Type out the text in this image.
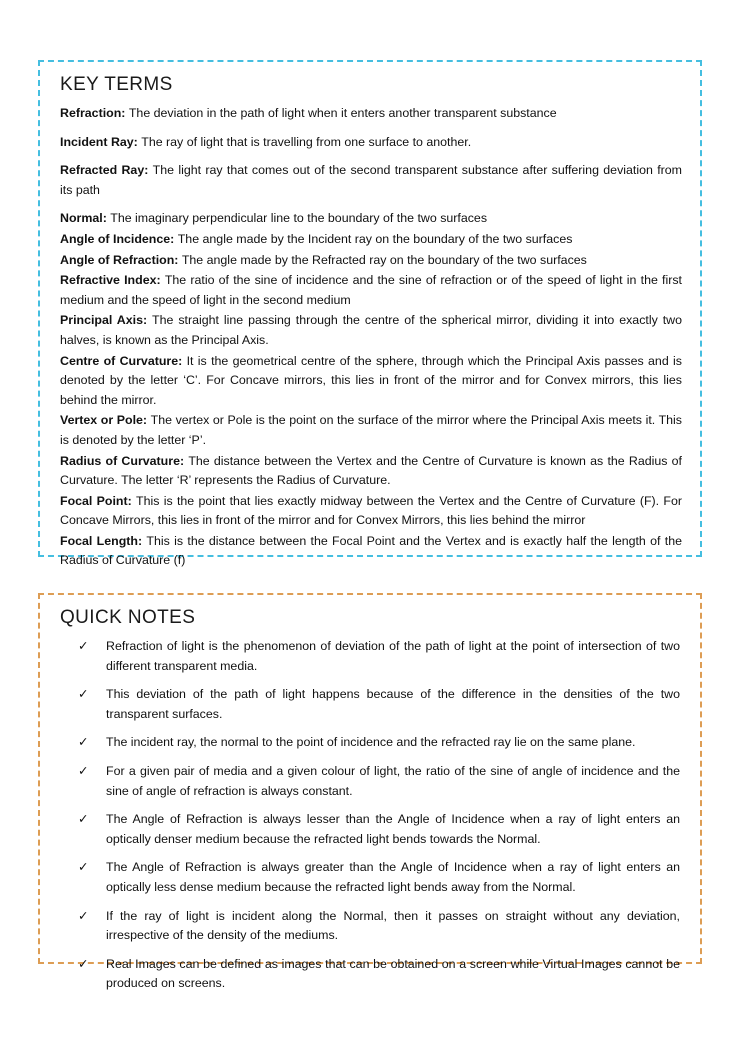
KEY TERMS
Refraction: The deviation in the path of light when it enters another transparent substance
Incident Ray: The ray of light that is travelling from one surface to another.
Refracted Ray: The light ray that comes out of the second transparent substance after suffering deviation from its path
Normal: The imaginary perpendicular line to the boundary of the two surfaces
Angle of Incidence: The angle made by the Incident ray on the boundary of the two surfaces
Angle of Refraction: The angle made by the Refracted ray on the boundary of the two surfaces
Refractive Index: The ratio of the sine of incidence and the sine of refraction or of the speed of light in the first medium and the speed of light in the second medium
Principal Axis: The straight line passing through the centre of the spherical mirror, dividing it into exactly two halves, is known as the Principal Axis.
Centre of Curvature: It is the geometrical centre of the sphere, through which the Principal Axis passes and is denoted by the letter ‘C’. For Concave mirrors, this lies in front of the mirror and for Convex mirrors, this lies behind the mirror.
Vertex or Pole: The vertex or Pole is the point on the surface of the mirror where the Principal Axis meets it. This is denoted by the letter ‘P’.
Radius of Curvature: The distance between the Vertex and the Centre of Curvature is known as the Radius of Curvature. The letter ‘R’ represents the Radius of Curvature.
Focal Point: This is the point that lies exactly midway between the Vertex and the Centre of Curvature (F). For Concave Mirrors, this lies in front of the mirror and for Convex Mirrors, this lies behind the mirror
Focal Length: This is the distance between the Focal Point and the Vertex and is exactly half the length of the Radius of Curvature (f)
QUICK NOTES
✓ Refraction of light is the phenomenon of deviation of the path of light at the point of intersection of two different transparent media.
✓ This deviation of the path of light happens because of the difference in the densities of the two transparent surfaces.
✓ The incident ray, the normal to the point of incidence and the refracted ray lie on the same plane.
✓ For a given pair of media and a given colour of light, the ratio of the sine of angle of incidence and the sine of angle of refraction is always constant.
✓ The Angle of Refraction is always lesser than the Angle of Incidence when a ray of light enters an optically denser medium because the refracted light bends towards the Normal.
✓ The Angle of Refraction is always greater than the Angle of Incidence when a ray of light enters an optically less dense medium because the refracted light bends away from the Normal.
✓ If the ray of light is incident along the Normal, then it passes on straight without any deviation, irrespective of the density of the mediums.
✓ Real Images can be defined as images that can be obtained on a screen while Virtual Images cannot be produced on screens.
